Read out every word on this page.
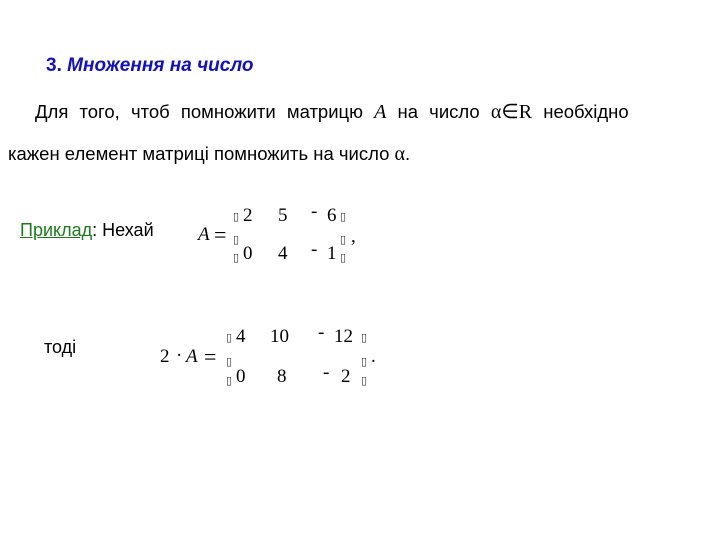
3. Множення на число
Для того, чтоб помножити матрицю A на число α∈R необхідно
кажен елемент матриці помножить на число α.
Приклад: Нехай A =
▯
▯
▯
2 5 - 6
0 4 - 1
▯
▯
▯
,
тоді	2 · A =
▯
▯
▯
4 10 - 12
0 8 - 2
▯
▯
▯
.
